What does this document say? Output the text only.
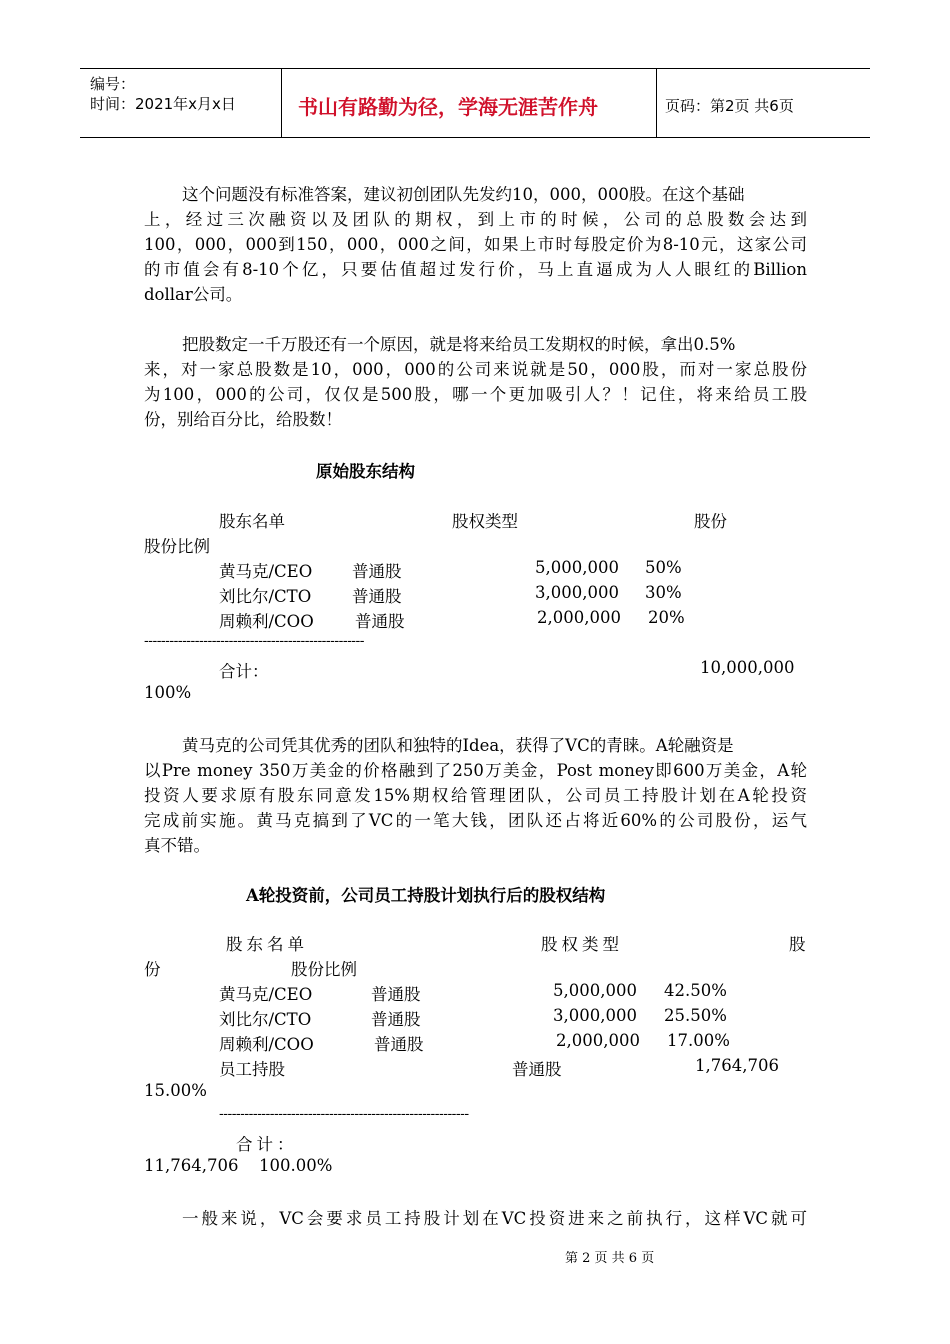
编号：
时间：2021年x月x日	书山有路勤为径，学海无涯苦作舟	页码：第2页 共6页
这个问题没有标准答案，建议初创团队先发约10，000，000股。在这个基础
上，经过三次融资以及团队的期权，到上市的时候，公司的总股数会达到
100，000，000到150，000，000之间，如果上市时每股定价为8-10元，这家公司
的市值会有8-10个亿，只要估值超过发行价，马上直逼成为人人眼红的Billion
dollar公司。
把股数定一千万股还有一个原因，就是将来给员工发期权的时候，拿出0.5%
来，对一家总股数是10，000，000的公司来说就是50，000股，而对一家总股份
为100，000的公司，仅仅是500股，哪一个更加吸引人？！记住，将来给员工股
份，别给百分比，给股数！
原始股东结构
股东名单	股权类型	股份
股份比例
黄马克/CEO 普通股	5,000,000 50%
刘比尔/CTO 普通股	3,000,000 30%
周赖利/COO	普通股	2,000,000 20%
----------------------------------------------------
合计：	10,000,000
100%
黄马克的公司凭其优秀的团队和独特的Idea，获得了VC的青睐。A轮融资是
以Pre money 350万美金的价格融到了250万美金，Post money即600万美金，A轮
投资人要求原有股东同意发15%期权给管理团队，公司员工持股计划在A轮投资
完成前实施。黄马克搞到了VC的一笔大钱，团队还占将近60%的公司股份，运气
真不错。
A轮投资前，公司员工持股计划执行后的股权结构
股东名单	股权类型	股
份	股份比例
黄马克/CEO	普通股	5,000,000 42.50%
刘比尔/CTO	普通股	3,000,000 25.50%
周赖利/COO	普通股	2,000,000 17.00%
员工持股	普通股	1,764,706
15.00%
-----------------------------------------------------------
合计：
11,764,706 100.00%
一般来说，VC会要求员工持股计划在VC投资进来之前执行，这样VC就可
第 2 页 共 6 页
